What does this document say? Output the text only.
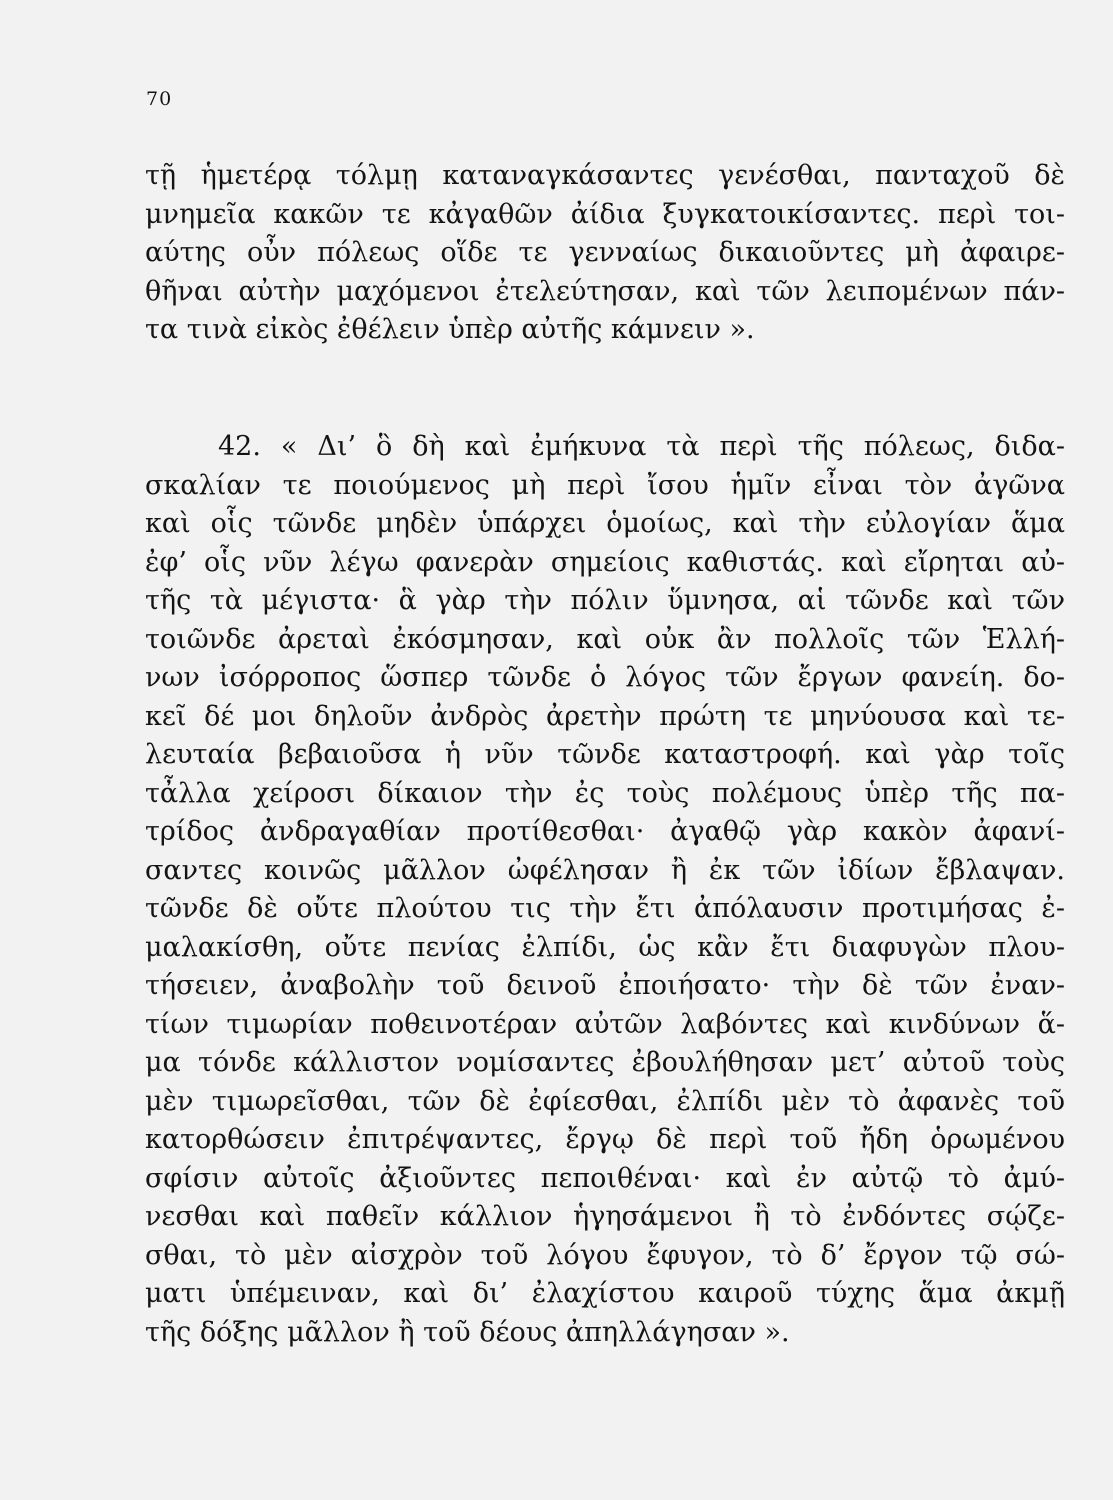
70
τῇ ἡμετέρᾳ τόλμῃ καταναγκάσαντες γενέσθαι, πανταχοῦ δὲ
μνημεῖα κακῶν τε κἀγαθῶν ἀίδια ξυγκατοικίσαντες. περὶ τοι-
αύτης οὖν πόλεως οἵδε τε γενναίως δικαιοῦντες μὴ ἀφαιρε-
θῆναι αὐτὴν μαχόμενοι ἐτελεύτησαν, καὶ τῶν λειπομένων πάν-
τα τινὰ εἰκὸς ἐθέλειν ὑπὲρ αὐτῆς κάμνειν ».
42. « Δι’ ὃ δὴ καὶ ἐμήκυνα τὰ περὶ τῆς πόλεως, διδα-
σκαλίαν τε ποιούμενος μὴ περὶ ἴσου ἡμῖν εἶναι τὸν ἀγῶνα
καὶ οἷς τῶνδε μηδὲν ὑπάρχει ὁμοίως, καὶ τὴν εὐλογίαν ἅμα
ἐφ’ οἷς νῦν λέγω φανερὰν σημείοις καθιστάς. καὶ εἴρηται αὐ-
τῆς τὰ μέγιστα· ἃ γὰρ τὴν πόλιν ὕμνησα, αἱ τῶνδε καὶ τῶν
τοιῶνδε ἀρεταὶ ἐκόσμησαν, καὶ οὐκ ἂν πολλοῖς τῶν Ἑλλή-
νων ἰσόρροπος ὥσπερ τῶνδε ὁ λόγος τῶν ἔργων φανείη. δο-
κεῖ δέ μοι δηλοῦν ἀνδρὸς ἀρετὴν πρώτη τε μηνύουσα καὶ τε-
λευταία βεβαιοῦσα ἡ νῦν τῶνδε καταστροφή. καὶ γὰρ τοῖς
τἆλλα χείροσι δίκαιον τὴν ἐς τοὺς πολέμους ὑπὲρ τῆς πα-
τρίδος ἀνδραγαθίαν προτίθεσθαι· ἀγαθῷ γὰρ κακὸν ἀφανί-
σαντες κοινῶς μᾶλλον ὠφέλησαν ἢ ἐκ τῶν ἰδίων ἔβλαψαν.
τῶνδε δὲ οὔτε πλούτου τις τὴν ἔτι ἀπόλαυσιν προτιμήσας ἐ-
μαλακίσθη, οὔτε πενίας ἐλπίδι, ὡς κἂν ἔτι διαφυγὼν πλου-
τήσειεν, ἀναβολὴν τοῦ δεινοῦ ἐποιήσατο· τὴν δὲ τῶν ἐναν-
τίων τιμωρίαν ποθεινοτέραν αὐτῶν λαβόντες καὶ κινδύνων ἅ-
μα τόνδε κάλλιστον νομίσαντες ἐβουλήθησαν μετ’ αὐτοῦ τοὺς
μὲν τιμωρεῖσθαι, τῶν δὲ ἐφίεσθαι, ἐλπίδι μὲν τὸ ἀφανὲς τοῦ
κατορθώσειν ἐπιτρέψαντες, ἔργῳ δὲ περὶ τοῦ ἤδη ὁρωμένου
σφίσιν αὐτοῖς ἀξιοῦντες πεποιθέναι· καὶ ἐν αὐτῷ τὸ ἀμύ-
νεσθαι καὶ παθεῖν κάλλιον ἡγησάμενοι ἢ τὸ ἐνδόντες σῴζε-
σθαι, τὸ μὲν αἰσχρὸν τοῦ λόγου ἔφυγον, τὸ δ’ ἔργον τῷ σώ-
ματι ὑπέμειναν, καὶ δι’ ἐλαχίστου καιροῦ τύχης ἅμα ἀκμῇ
τῆς δόξης μᾶλλον ἢ τοῦ δέους ἀπηλλάγησαν ».
